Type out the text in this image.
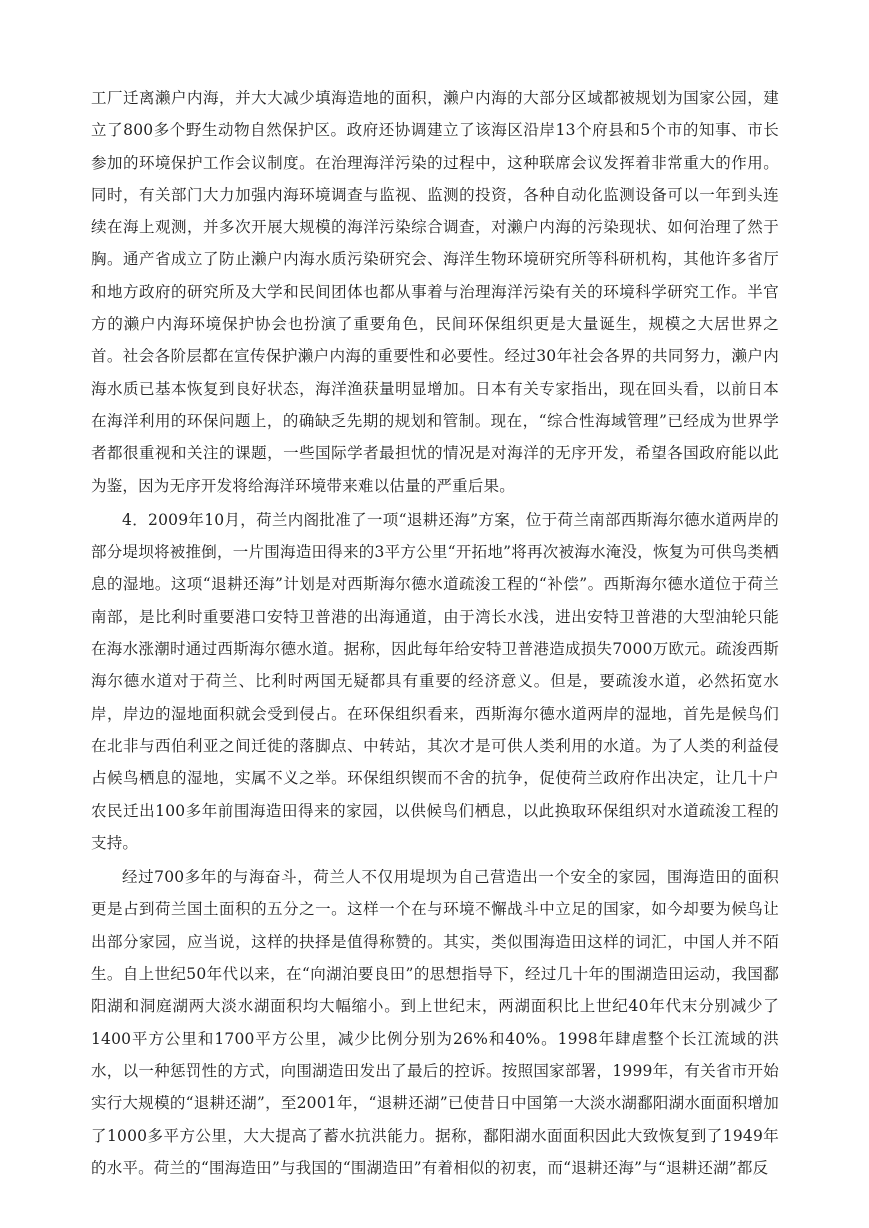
工厂迁离濑户内海，并大大减少填海造地的面积，濑户内海的大部分区域都被规划为国家公园，建立了800多个野生动物自然保护区。政府还协调建立了该海区沿岸13个府县和5个市的知事、市长参加的环境保护工作会议制度。在治理海洋污染的过程中，这种联席会议发挥着非常重大的作用。同时，有关部门大力加强内海环境调查与监视、监测的投资，各种自动化监测设备可以一年到头连续在海上观测，并多次开展大规模的海洋污染综合调查，对濑户内海的污染现状、如何治理了然于胸。通产省成立了防止濑户内海水质污染研究会、海洋生物环境研究所等科研机构，其他许多省厅和地方政府的研究所及大学和民间团体也都从事着与治理海洋污染有关的环境科学研究工作。半官方的濑户内海环境保护协会也扮演了重要角色，民间环保组织更是大量诞生，规模之大居世界之首。社会各阶层都在宣传保护濑户内海的重要性和必要性。经过30年社会各界的共同努力，濑户内海水质已基本恢复到良好状态，海洋渔获量明显增加。日本有关专家指出，现在回头看，以前日本在海洋利用的环保问题上，的确缺乏先期的规划和管制。现在，“综合性海域管理”已经成为世界学者都很重视和关注的课题，一些国际学者最担忧的情况是对海洋的无序开发，希望各国政府能以此为鉴，因为无序开发将给海洋环境带来难以估量的严重后果。

4．2009年10月，荷兰内阁批准了一项“退耕还海”方案，位于荷兰南部西斯海尔德水道两岸的部分堤坝将被推倒，一片围海造田得来的3平方公里“开拓地”将再次被海水淹没，恢复为可供鸟类栖息的湿地。这项“退耕还海”计划是对西斯海尔德水道疏浚工程的“补偿”。西斯海尔德水道位于荷兰南部，是比利时重要港口安特卫普港的出海通道，由于湾长水浅，进出安特卫普港的大型油轮只能在海水涨潮时通过西斯海尔德水道。据称，因此每年给安特卫普港造成损失7000万欧元。疏浚西斯海尔德水道对于荷兰、比利时两国无疑都具有重要的经济意义。但是，要疏浚水道，必然拓宽水岸，岸边的湿地面积就会受到侵占。在环保组织看来，西斯海尔德水道两岸的湿地，首先是候鸟们在北非与西伯利亚之间迁徙的落脚点、中转站，其次才是可供人类利用的水道。为了人类的利益侵占候鸟栖息的湿地，实属不义之举。环保组织锲而不舍的抗争，促使荷兰政府作出决定，让几十户农民迁出100多年前围海造田得来的家园，以供候鸟们栖息，以此换取环保组织对水道疏浚工程的支持。

经过700多年的与海奋斗，荷兰人不仅用堤坝为自己营造出一个安全的家园，围海造田的面积更是占到荷兰国土面积的五分之一。这样一个在与环境不懈战斗中立足的国家，如今却要为候鸟让出部分家园，应当说，这样的抉择是值得称赞的。其实，类似围海造田这样的词汇，中国人并不陌生。自上世纪50年代以来，在“向湖泊要良田”的思想指导下，经过几十年的围湖造田运动，我国鄱阳湖和洞庭湖两大淡水湖面积均大幅缩小。到上世纪末，两湖面积比上世纪40年代末分别减少了1400平方公里和1700平方公里，减少比例分别为26%和40%。1998年肆虐整个长江流域的洪水，以一种惩罚性的方式，向围湖造田发出了最后的控诉。按照国家部署，1999年，有关省市开始实行大规模的“退耕还湖”，至2001年，“退耕还湖”已使昔日中国第一大淡水湖鄱阳湖水面面积增加了1000多平方公里，大大提高了蓄水抗洪能力。据称，鄱阳湖水面面积因此大致恢复到了1949年的水平。荷兰的“围海造田”与我国的“围湖造田”有着相似的初衷，而“退耕还海”与“退耕还湖”都反
